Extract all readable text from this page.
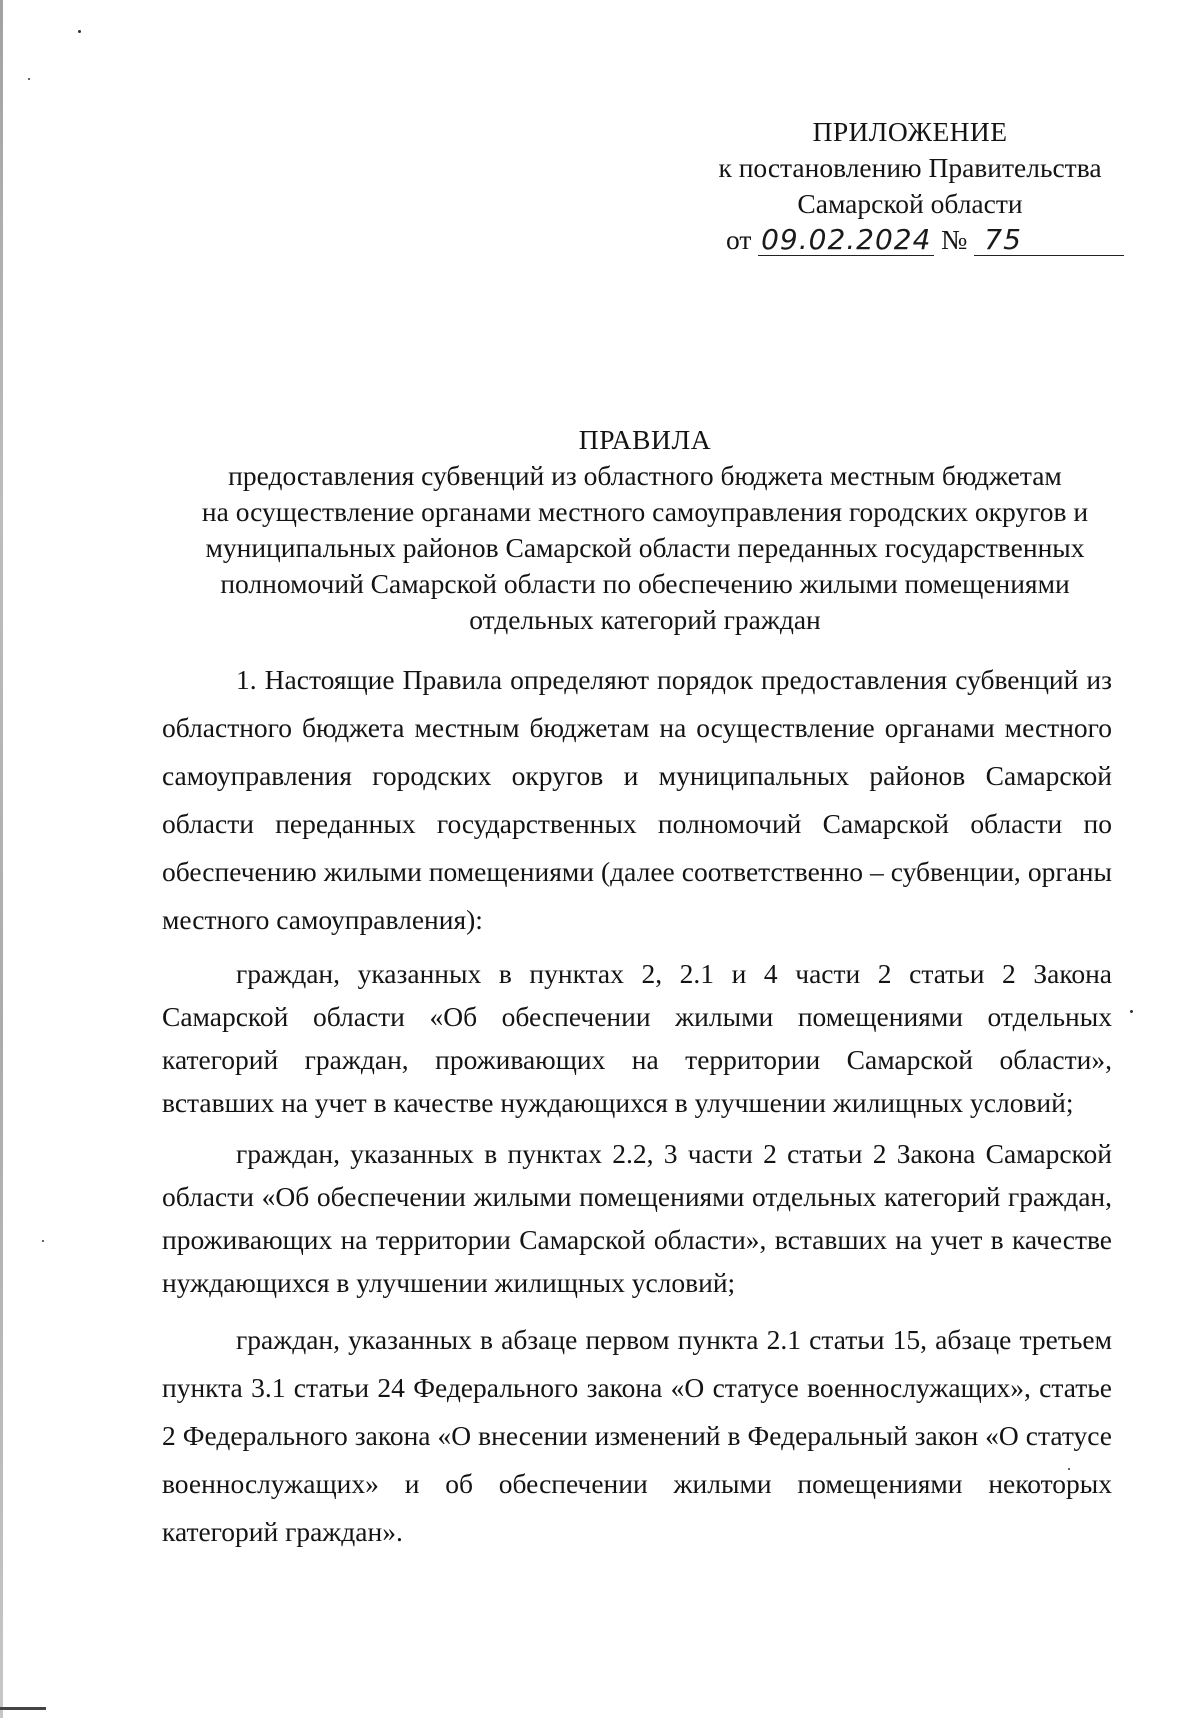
ПРИЛОЖЕНИЕ
к постановлению Правительства
Самарской области
от 09.02.2024 № 75
ПРАВИЛА
предоставления субвенций из областного бюджета местным бюджетам
на осуществление органами местного самоуправления городских округов и
муниципальных районов Самарской области переданных государственных
полномочий Самарской области по обеспечению жилыми помещениями
отдельных категорий граждан

1. Настоящие Правила определяют порядок предоставления субвенций из областного бюджета местным бюджетам на осуществление органами местного самоуправления городских округов и муниципальных районов Самарской области переданных государственных полномочий Самарской области по обеспечению жилыми помещениями (далее соответственно – субвенции, органы местного самоуправления):

граждан, указанных в пунктах 2, 2.1 и 4 части 2 статьи 2 Закона Самарской области «Об обеспечении жилыми помещениями отдельных категорий граждан, проживающих на территории Самарской области», вставших на учет в качестве нуждающихся в улучшении жилищных условий;

граждан, указанных в пунктах 2.2, 3 части 2 статьи 2 Закона Самарской области «Об обеспечении жилыми помещениями отдельных категорий граждан, проживающих на территории Самарской области», вставших на учет в качестве нуждающихся в улучшении жилищных условий;

граждан, указанных в абзаце первом пункта 2.1 статьи 15, абзаце третьем пункта 3.1 статьи 24 Федерального закона «О статусе военнослужащих», статье 2 Федерального закона «О внесении изменений в Федеральный закон «О статусе военнослужащих» и об обеспечении жилыми помещениями некоторых категорий граждан».
